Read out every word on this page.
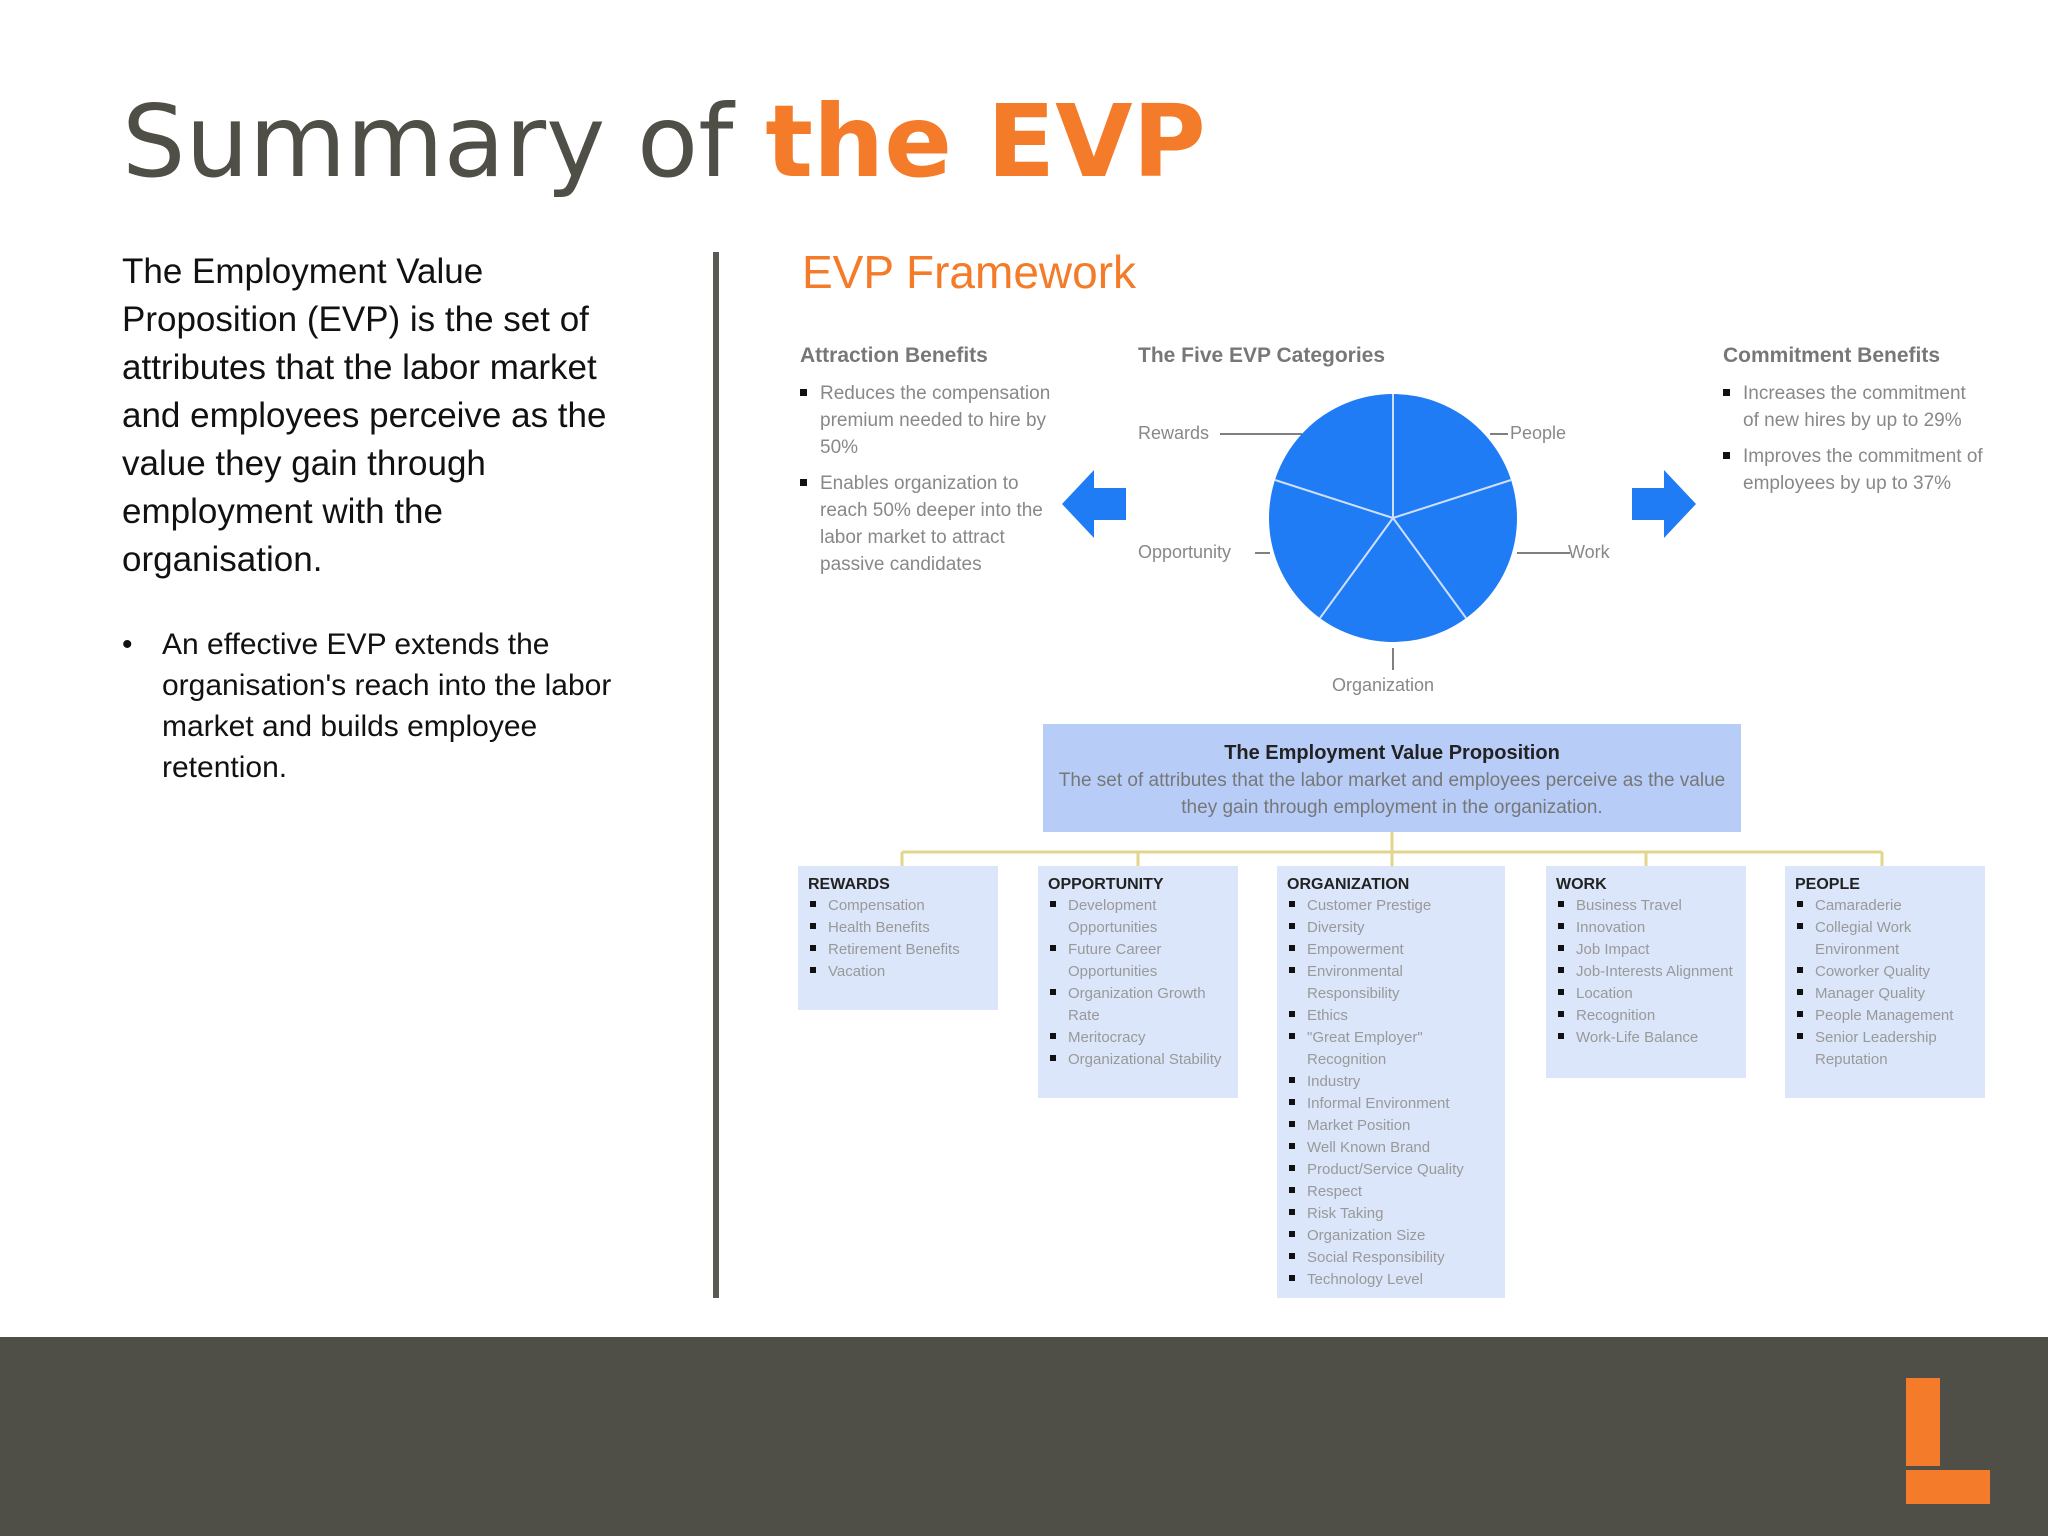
Summary of the EVP
The Employment Value Proposition (EVP) is the set of attributes that the labor market and employees perceive as the value they gain through employment with the organisation.
• An effective EVP extends the organisation's reach into the labor market and builds employee retention.
EVP Framework
Attraction Benefits
Reduces the compensation premium needed to hire by 50%
Enables organization to reach 50% deeper into the labor market to attract passive candidates
The Five EVP Categories	Commitment Benefits
Increases the commitment of new hires by up to 29%
Improves the commitment of employees by up to 37%
Rewards	People
Opportunity	Work
Organization
The Employment Value Proposition
The set of attributes that the labor market and employees perceive as the value they gain through employment in the organization.
REWARDS
Compensation
Health Benefits
Retirement Benefits
Vacation
OPPORTUNITY
Development Opportunities
Future Career Opportunities
Organization Growth Rate
Meritocracy
Organizational Stability
ORGANIZATION
Customer Prestige
Diversity
Empowerment
Environmental Responsibility
Ethics
"Great Employer" Recognition
Industry
Informal Environment
Market Position
Well Known Brand
Product/Service Quality
Respect
Risk Taking
Organization Size
Social Responsibility
Technology Level
WORK
Business Travel
Innovation
Job Impact
Job-Interests Alignment
Location
Recognition
Work-Life Balance
PEOPLE
Camaraderie
Collegial Work Environment
Coworker Quality
Manager Quality
People Management
Senior Leadership Reputation
